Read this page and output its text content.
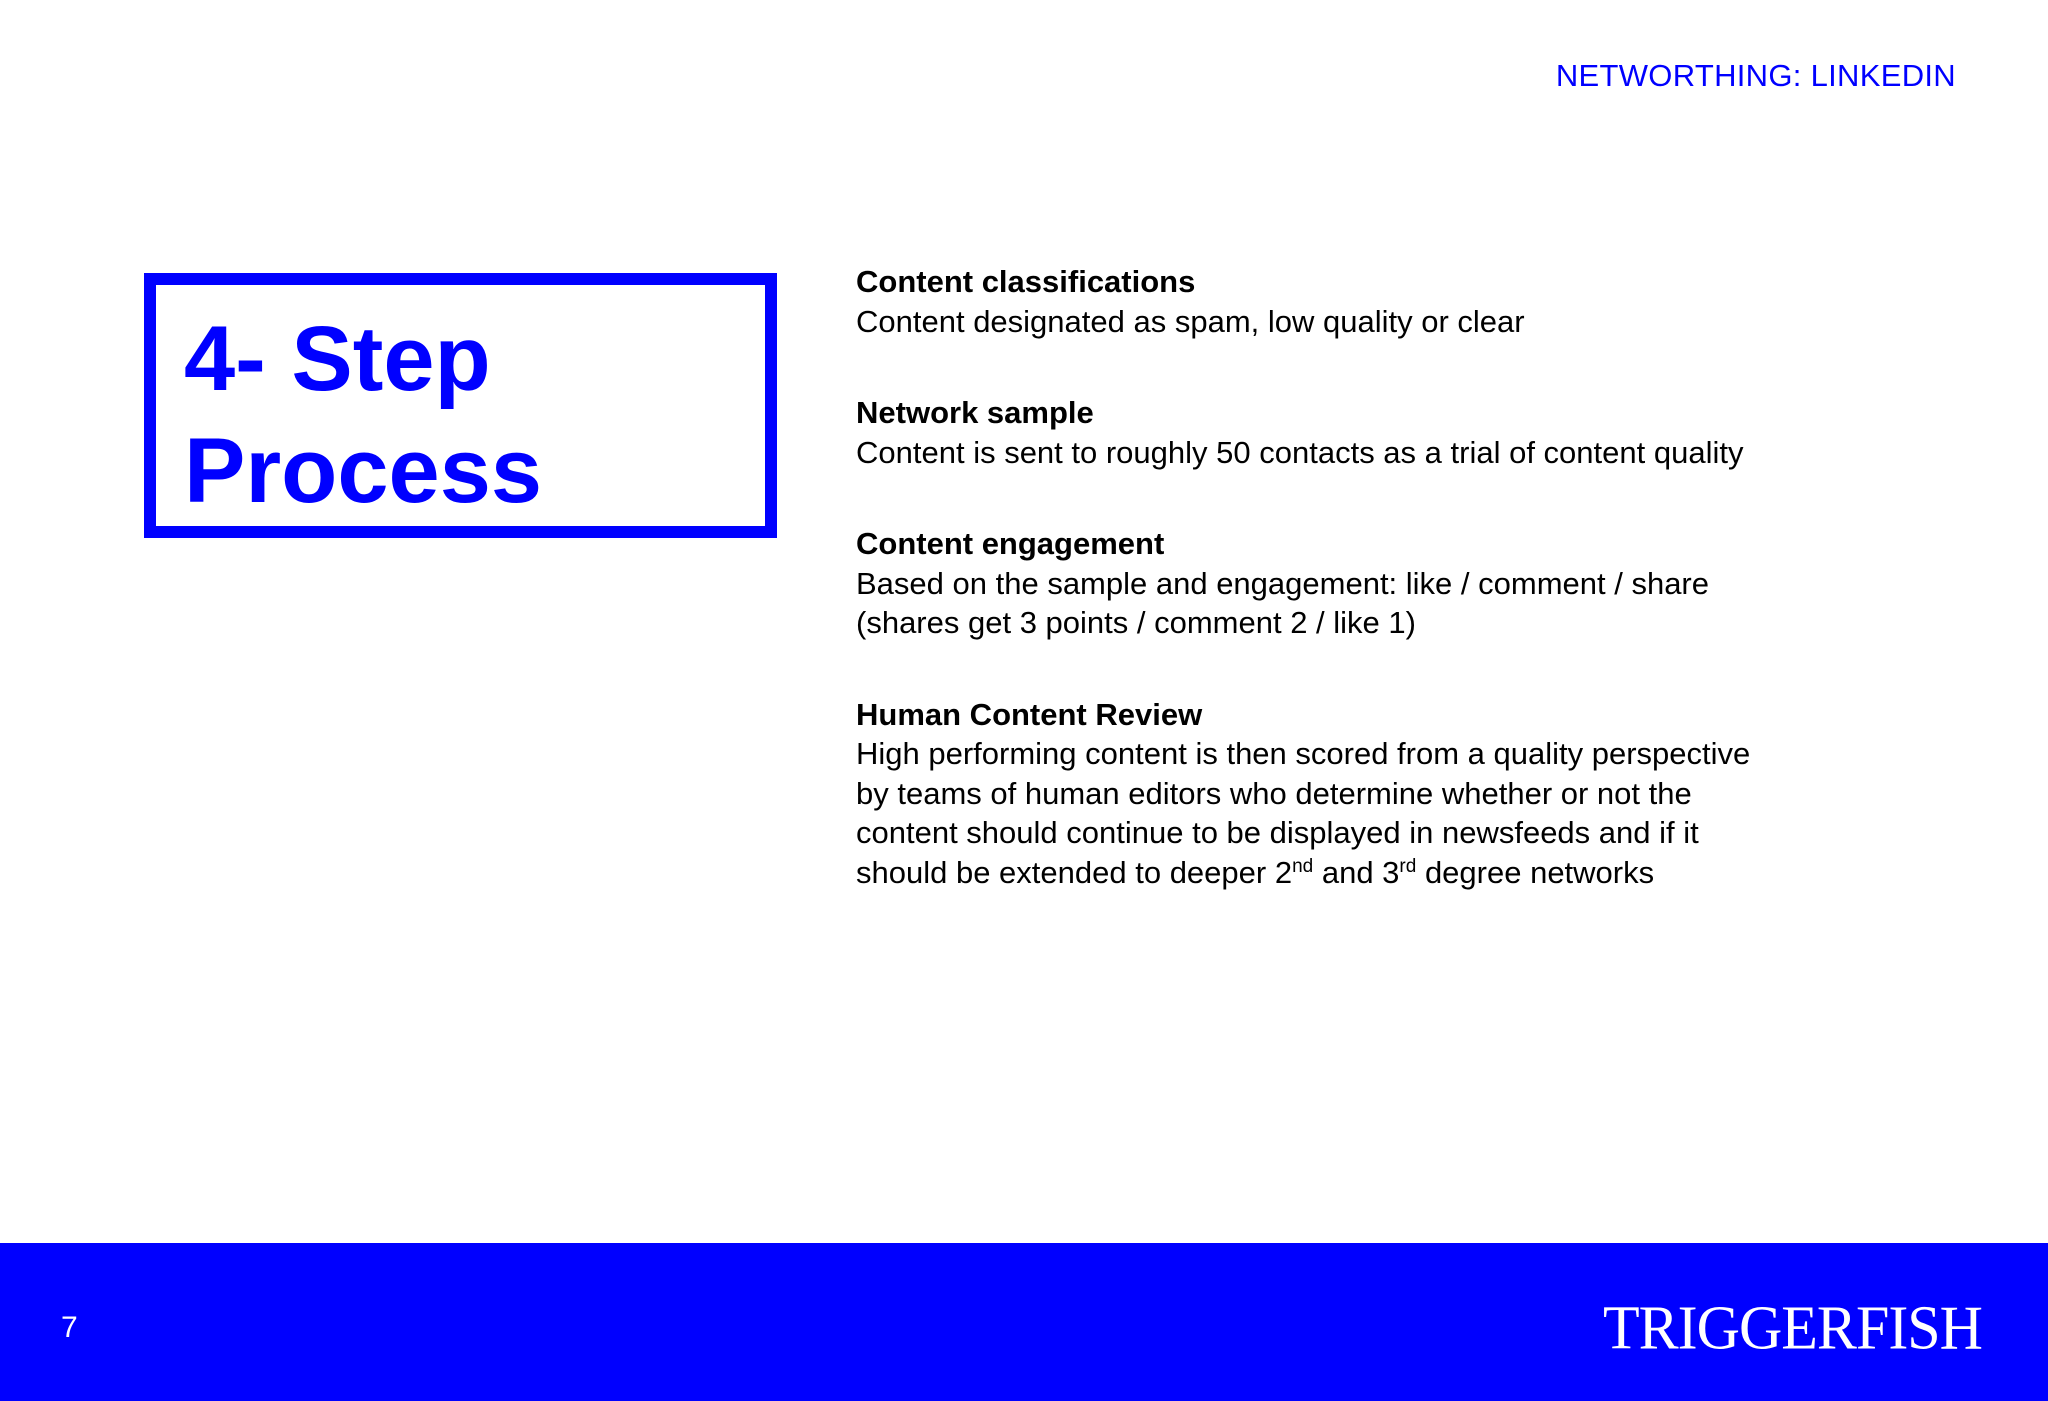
NETWORTHING: LINKEDIN
4- Step
Process
Content classifications
Content designated as spam, low quality or clear
Network sample
Content is sent to roughly 50 contacts as a trial of content quality
Content engagement
Based on the sample and engagement: like / comment / share
(shares get 3 points / comment 2 / like 1)
Human Content Review
High performing content is then scored from a quality perspective
by teams of human editors who determine whether or not the
content should continue to be displayed in newsfeeds and if it
should be extended to deeper 2nd and 3rd degree networks
7	TRIGGERFISH
